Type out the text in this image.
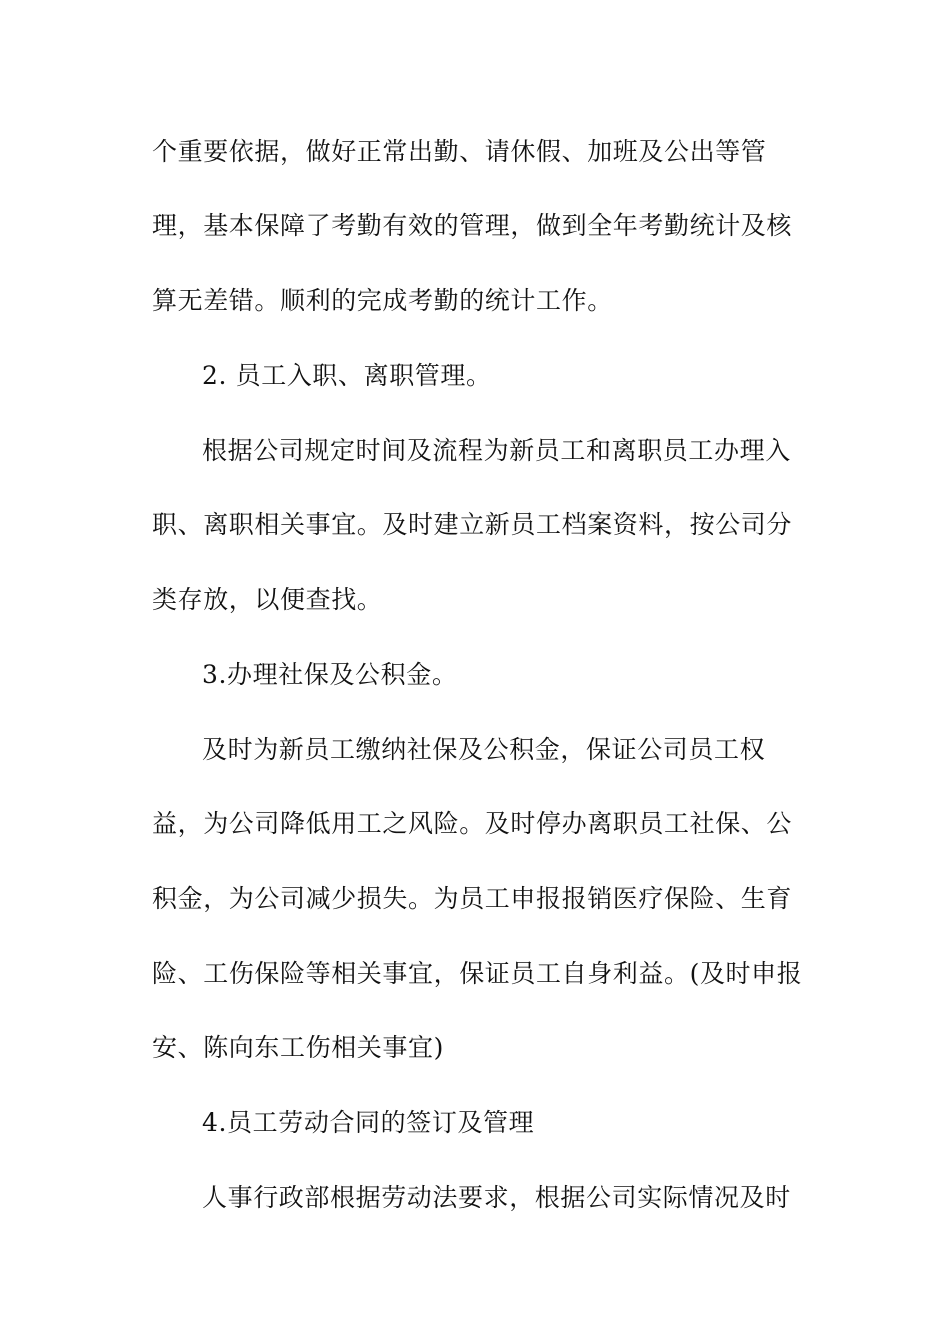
个重要依据，做好正常出勤、请休假、加班及公出等管
理，基本保障了考勤有效的管理，做到全年考勤统计及核
算无差错。顺利的完成考勤的统计工作。
2. 员工入职、离职管理。
根据公司规定时间及流程为新员工和离职员工办理入
职、离职相关事宜。及时建立新员工档案资料，按公司分
类存放，以便查找。
3.办理社保及公积金。
及时为新员工缴纳社保及公积金，保证公司员工权
益，为公司降低用工之风险。及时停办离职员工社保、公
积金，为公司减少损失。为员工申报报销医疗保险、生育
险、工伤保险等相关事宜，保证员工自身利益。(及时申报
安、陈向东工伤相关事宜)
4.员工劳动合同的签订及管理
人事行政部根据劳动法要求，根据公司实际情况及时
